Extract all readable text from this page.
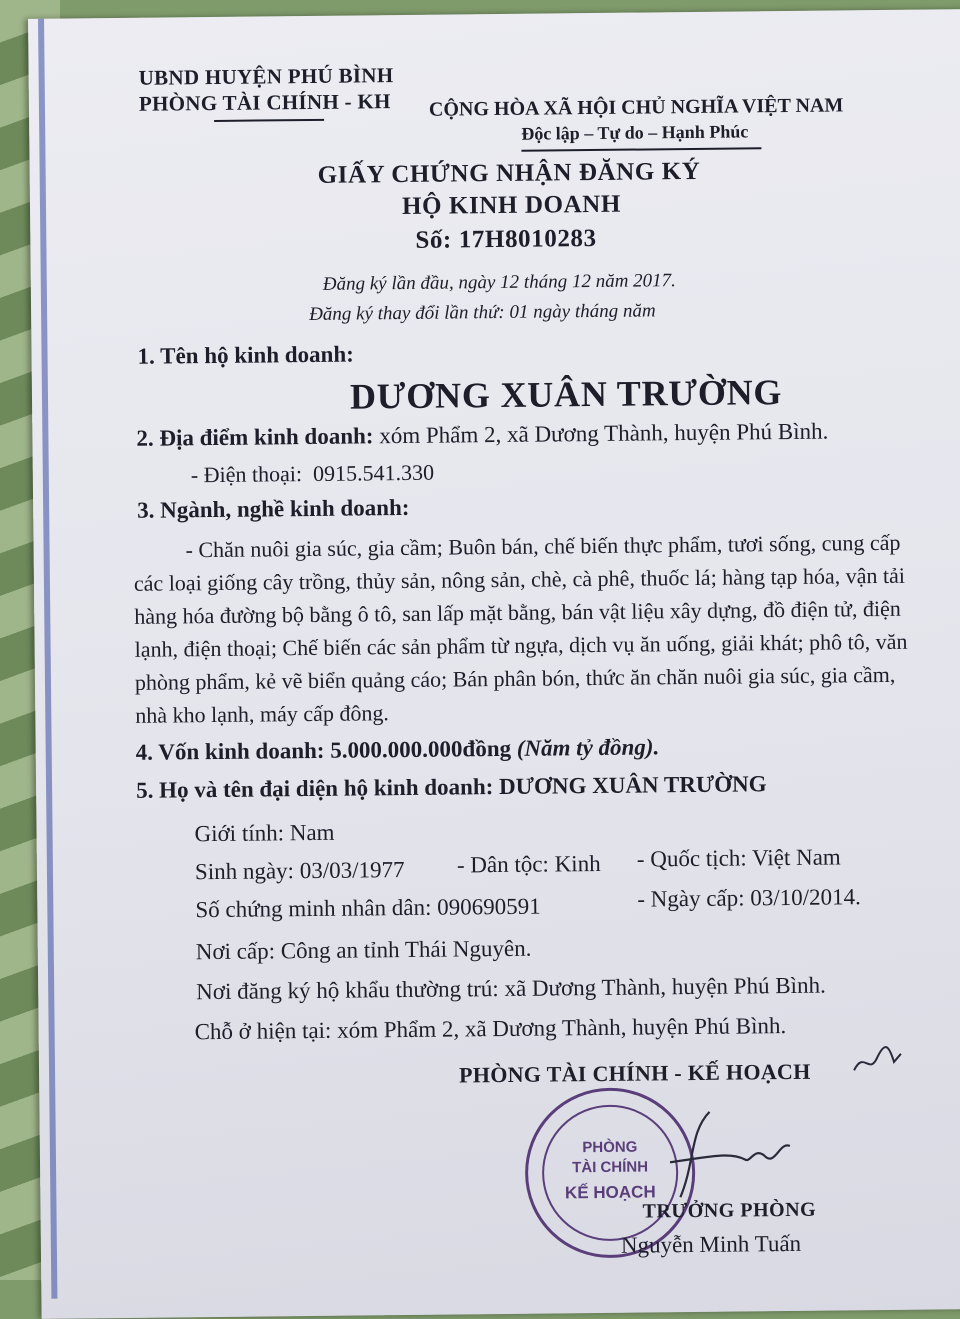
UBND HUYỆN PHÚ BÌNH
PHÒNG TÀI CHÍNH - KH CỘNG HÒA XÃ HỘI CHỦ NGHĨA VIỆT NAM
Độc lập – Tự do – Hạnh Phúc
GIẤY CHỨNG NHẬN ĐĂNG KÝ
HỘ KINH DOANH
Số: 17H8010283
Đăng ký lần đầu, ngày 12 tháng 12 năm 2017.
Đăng ký thay đổi lần thứ: 01 ngày tháng năm
1. Tên hộ kinh doanh:
DƯƠNG XUÂN TRƯỜNG
2. Địa điểm kinh doanh: xóm Phẩm 2, xã Dương Thành, huyện Phú Bình.
- Điện thoại: 0915.541.330
3. Ngành, nghề kinh doanh:
- Chăn nuôi gia súc, gia cầm; Buôn bán, chế biến thực phẩm, tươi sống, cung cấp
các loại giống cây trồng, thủy sản, nông sản, chè, cà phê, thuốc lá; hàng tạp hóa, vận tải
hàng hóa đường bộ bằng ô tô, san lấp mặt bằng, bán vật liệu xây dựng, đồ điện tử, điện
lạnh, điện thoại; Chế biến các sản phẩm từ ngựa, dịch vụ ăn uống, giải khát; phô tô, văn
phòng phẩm, kẻ vẽ biển quảng cáo; Bán phân bón, thức ăn chăn nuôi gia súc, gia cầm,
nhà kho lạnh, máy cấp đông.
4. Vốn kinh doanh: 5.000.000.000đồng (Năm tỷ đồng).
5. Họ và tên đại diện hộ kinh doanh: DƯƠNG XUÂN TRƯỜNG
Giới tính: Nam
Sinh ngày: 03/03/1977 - Dân tộc: Kinh - Quốc tịch: Việt Nam
Số chứng minh nhân dân: 090690591	- Ngày cấp: 03/10/2014.
Nơi cấp: Công an tỉnh Thái Nguyên.
Nơi đăng ký hộ khẩu thường trú: xã Dương Thành, huyện Phú Bình.
Chỗ ở hiện tại: xóm Phẩm 2, xã Dương Thành, huyện Phú Bình.
PHÒNG TÀI CHÍNH - KẾ HOẠCH
PHÒNG
TÀI CHÍNH
KẾ HOẠCH
TRƯỞNG PHÒNG
Nguyễn Minh Tuấn
